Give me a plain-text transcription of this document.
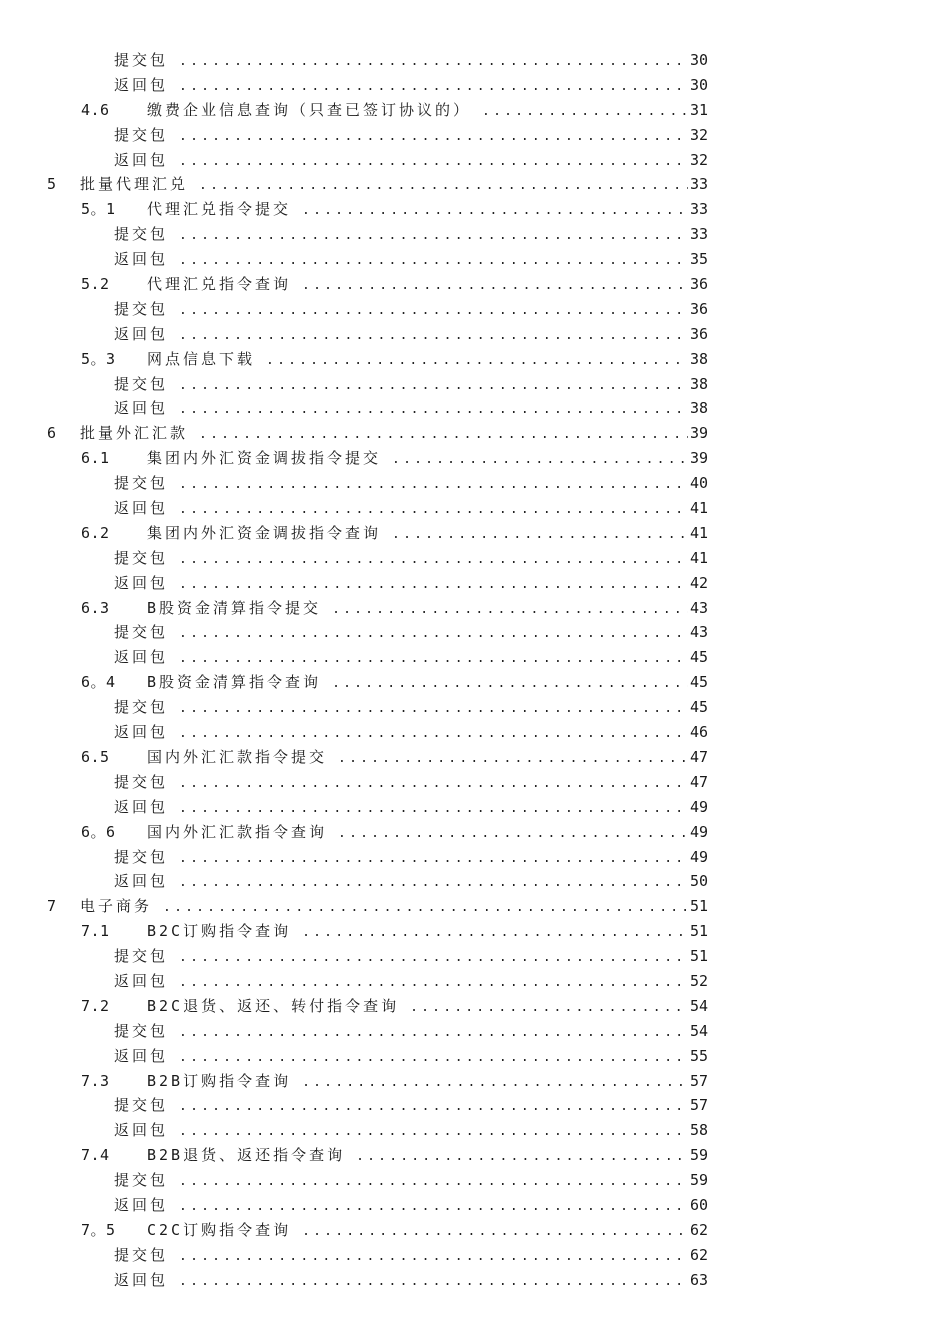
提交包 .....	30
返回包 .....	30
4.6 缴费企业信息查询（只查已签订协议的） .....	31
提交包 .....	32
返回包 .....	32
5 批量代理汇兑 .....	33
5。1 代理汇兑指令提交 .....	33
提交包 .....	33
返回包 .....	35
5.2 代理汇兑指令查询 .....	36
提交包 .....	36
返回包 .....	36
5。3 网点信息下载 .....	38
提交包 .....	38
返回包 .....	38
6 批量外汇汇款 .....	39
6.1 集团内外汇资金调拔指令提交 .....	39
提交包 .....	40
返回包 .....	41
6.2 集团内外汇资金调拔指令查询 .....	41
提交包 .....	41
返回包 .....	42
6.3 B股资金清算指令提交 .....	43
提交包 .....	43
返回包 .....	45
6。4 B股资金清算指令查询 .....	45
提交包 .....	45
返回包 .....	46
6.5 国内外汇汇款指令提交 .....	47
提交包 .....	47
返回包 .....	49
6。6 国内外汇汇款指令查询 .....	49
提交包 .....	49
返回包 .....	50
7 电子商务 .....	51
7.1 B2C订购指令查询 .....	51
提交包 .....	51
返回包 .....	52
7.2 B2C退货、返还、转付指令查询 .....	54
提交包 .....	54
返回包 .....	55
7.3 B2B订购指令查询 .....	57
提交包 .....	57
返回包 .....	58
7.4 B2B退货、返还指令查询 .....	59
提交包 .....	59
返回包 .....	60
7。5 C2C订购指令查询 .....	62
提交包 .....	62
返回包 .....	63
